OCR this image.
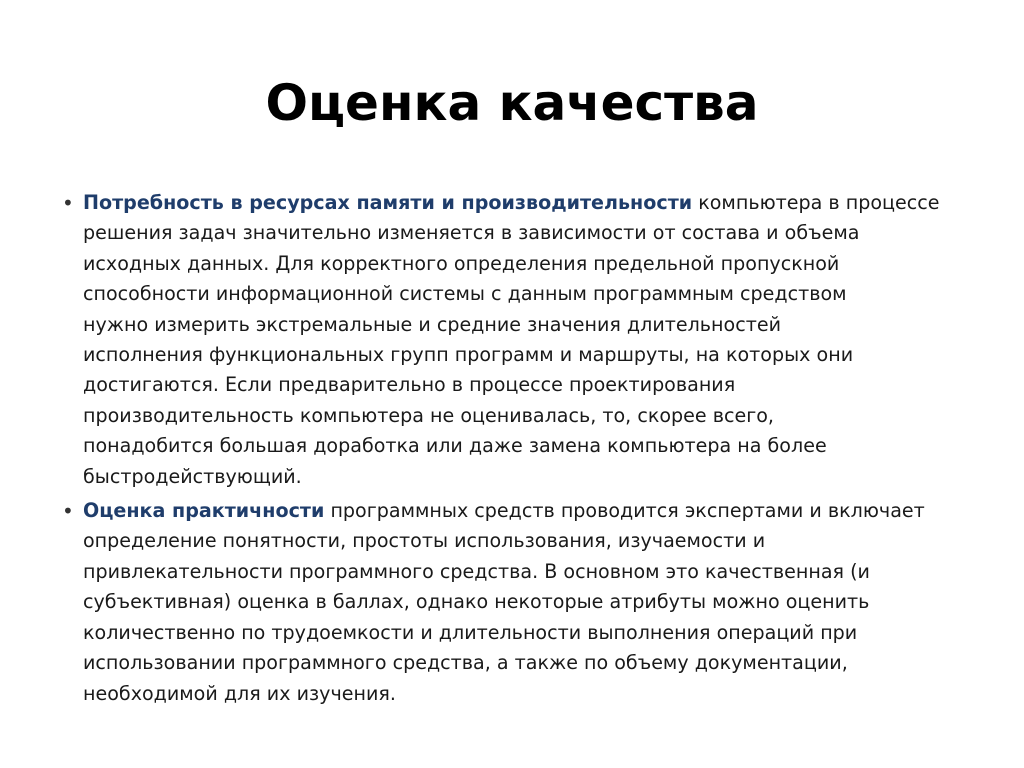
Оценка качества
• Потребность в ресурсах памяти и производительности компьютера в процессе
решения задач значительно изменяется в зависимости от состава и объема
исходных данных. Для корректного определения предельной пропускной
способности информационной системы с данным программным средством
нужно измерить экстремальные и средние значения длительностей
исполнения функциональных групп программ и маршруты, на которых они
достигаются. Если предварительно в процессе проектирования
производительность компьютера не оценивалась, то, скорее всего,
понадобится большая доработка или даже замена компьютера на более
быстродействующий.
• Оценка практичности программных средств проводится экспертами и включает
определение понятности, простоты использования, изучаемости и
привлекательности программного средства. В основном это качественная (и
субъективная) оценка в баллах, однако некоторые атрибуты можно оценить
количественно по трудоемкости и длительности выполнения операций при
использовании программного средства, а также по объему документации,
необходимой для их изучения.
